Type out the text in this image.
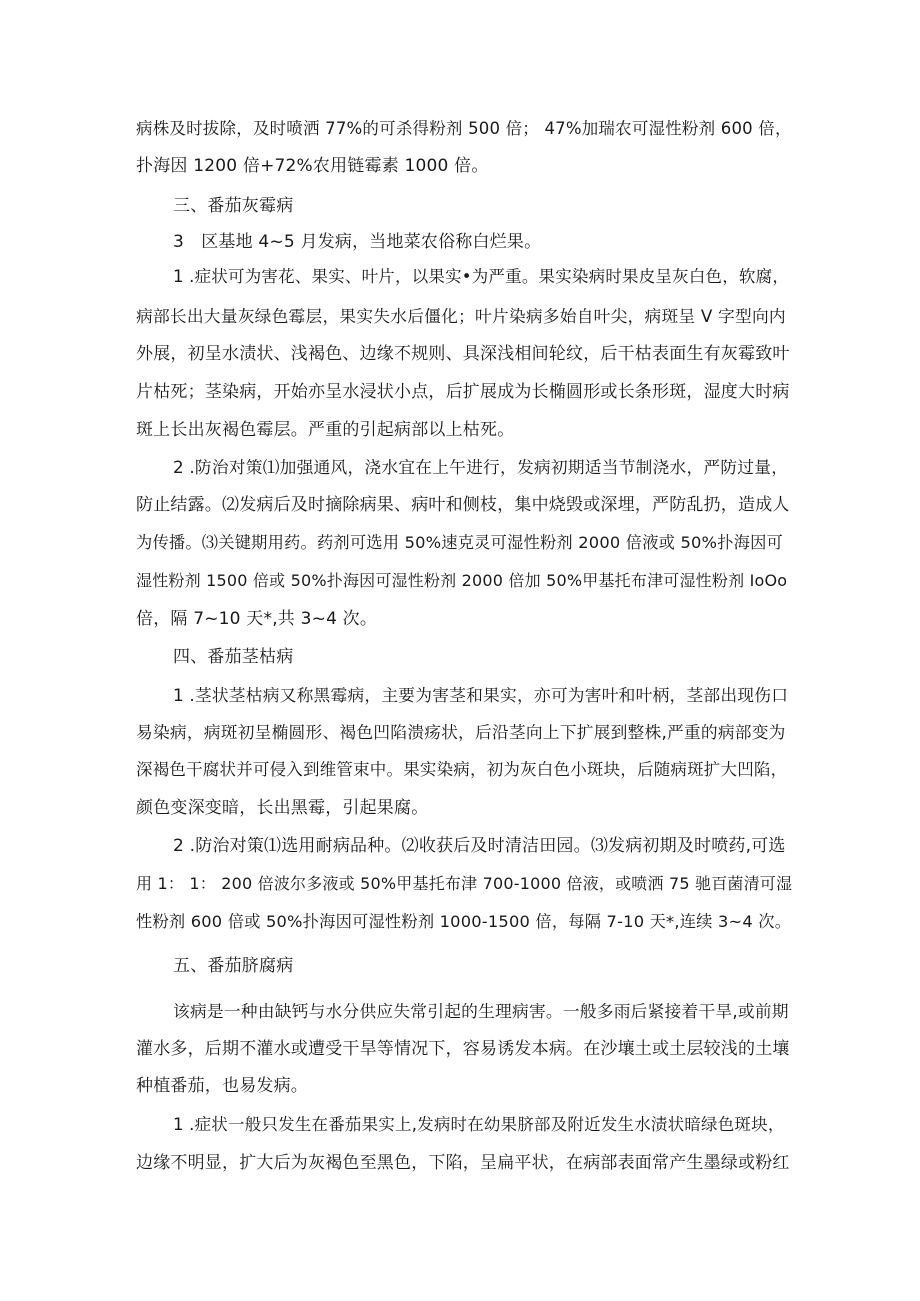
病株及时拔除，及时喷洒 77%的可杀得粉剂 500 倍； 47%加瑞农可湿性粉剂 600 倍，
扑海因 1200 倍+72%农用链霉素 1000 倍。
三、番茄灰霉病
3　区基地 4~5 月发病，当地菜农俗称白烂果。
1 .症状可为害花、果实、叶片，以果实•为严重。果实染病时果皮呈灰白色，软腐，
病部长出大量灰绿色霉层，果实失水后僵化；叶片染病多始自叶尖，病斑呈 V 字型向内
外展，初呈水渍状、浅褐色、边缘不规则、具深浅相间轮纹，后干枯表面生有灰霉致叶
片枯死；茎染病，开始亦呈水浸状小点，后扩展成为长椭圆形或长条形斑，湿度大时病
斑上长出灰褐色霉层。严重的引起病部以上枯死。
2 .防治对策⑴加强通风，浇水宜在上午进行，发病初期适当节制浇水，严防过量，
防止结露。⑵发病后及时摘除病果、病叶和侧枝，集中烧毁或深埋，严防乱扔，造成人
为传播。⑶关键期用药。药剂可选用 50%速克灵可湿性粉剂 2000 倍液或 50%扑海因可
湿性粉剂 1500 倍或 50%扑海因可湿性粉剂 2000 倍加 50%甲基托布津可湿性粉剂 IoOo
倍，隔 7~10 天*,共 3~4 次。
四、番茄茎枯病
1 .茎状茎枯病又称黑霉病，主要为害茎和果实，亦可为害叶和叶柄，茎部出现伤口
易染病，病斑初呈椭圆形、褐色凹陷溃疡状，后沿茎向上下扩展到整株,严重的病部变为
深褐色干腐状并可侵入到维管束中。果实染病，初为灰白色小斑块，后随病斑扩大凹陷，
颜色变深变暗，长出黑霉，引起果腐。
2 .防治对策⑴选用耐病品种。⑵收获后及时清洁田园。⑶发病初期及时喷药,可选
用 1： 1： 200 倍波尔多液或 50%甲基托布津 700-1000 倍液，或喷洒 75 驰百菌清可湿
性粉剂 600 倍或 50%扑海因可湿性粉剂 1000-1500 倍，每隔 7-10 天*,连续 3~4 次。
五、番茄脐腐病
该病是一种由缺钙与水分供应失常引起的生理病害。一般多雨后紧接着干旱,或前期
灌水多，后期不灌水或遭受干旱等情况下，容易诱发本病。在沙壤土或土层较浅的土壤
种植番茄，也易发病。
1 .症状一般只发生在番茄果实上,发病时在幼果脐部及附近发生水渍状暗绿色斑块，
边缘不明显，扩大后为灰褐色至黑色，下陷，呈扁平状，在病部表面常产生墨绿或粉红
